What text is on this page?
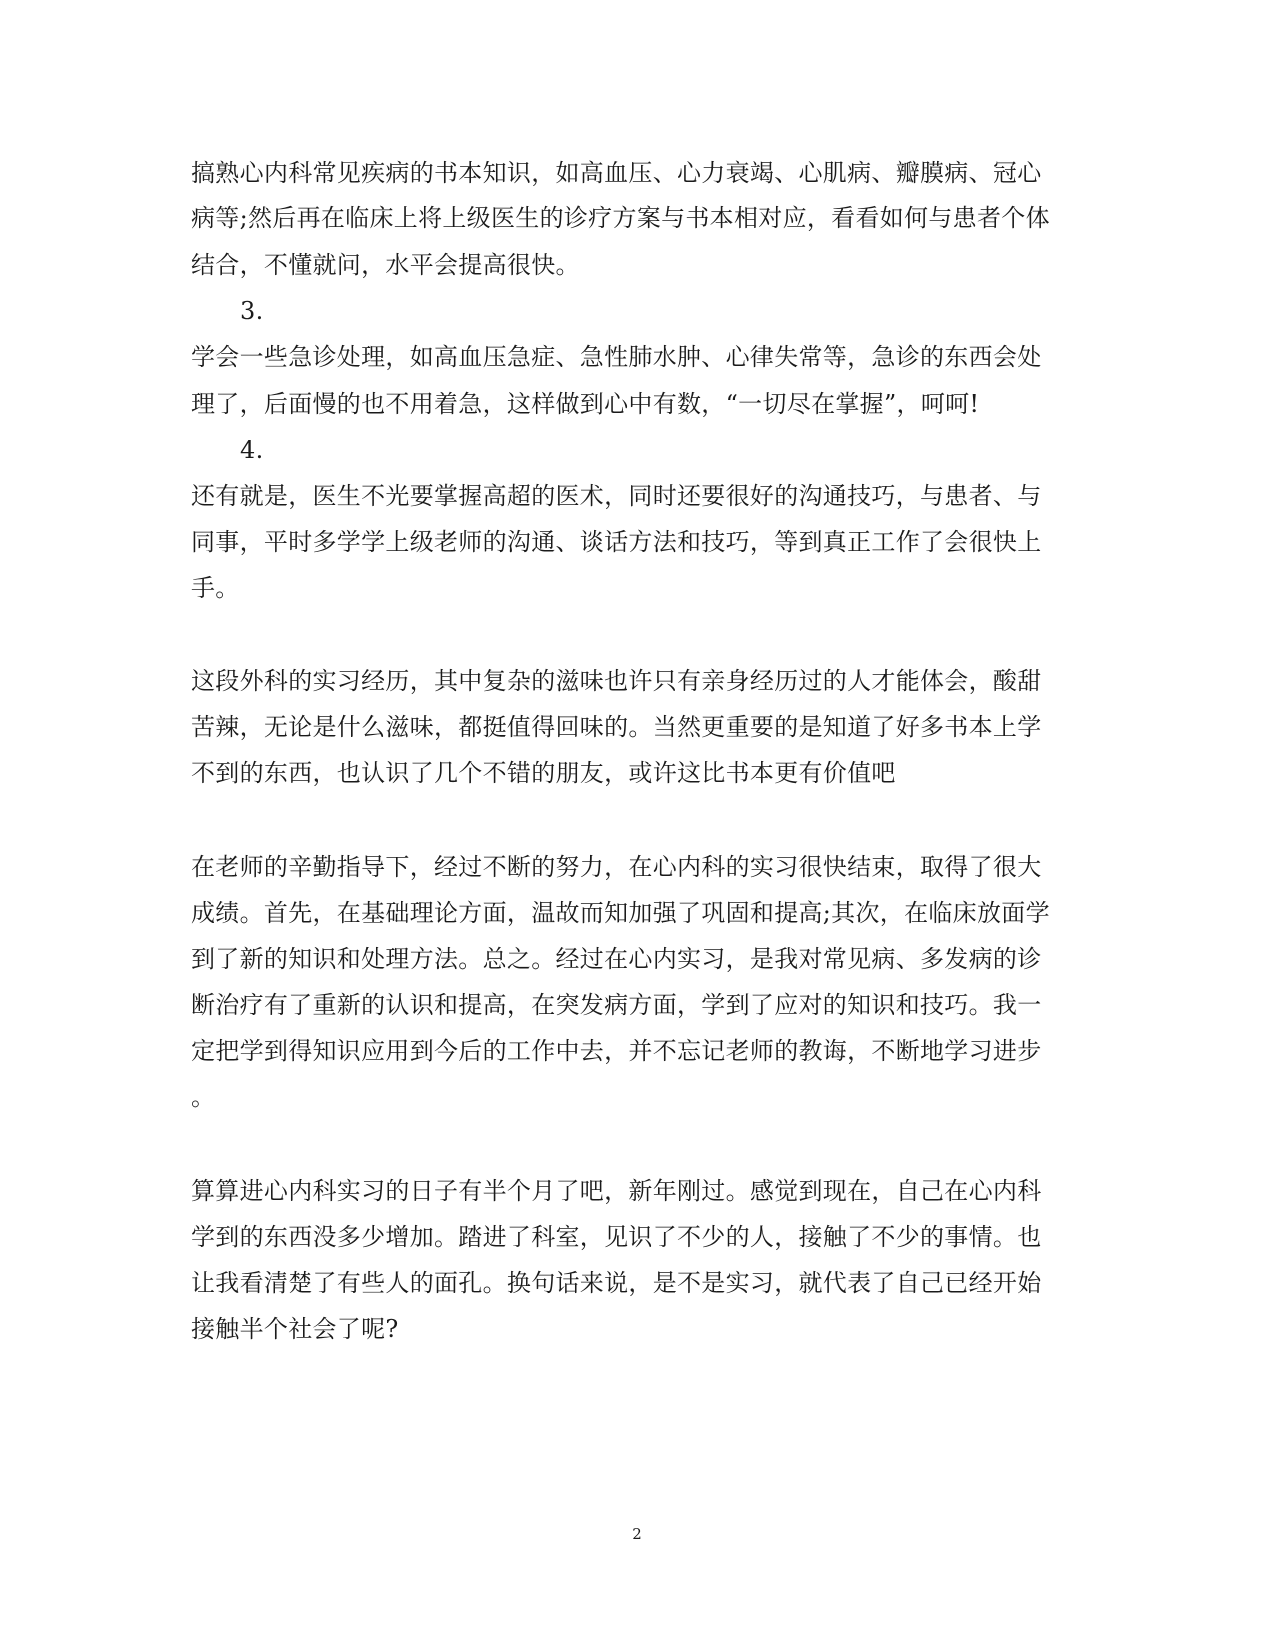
搞熟心内科常见疾病的书本知识，如高血压、心力衰竭、心肌病、瓣膜病、冠心
病等;然后再在临床上将上级医生的诊疗方案与书本相对应，看看如何与患者个体
结合，不懂就问，水平会提高很快。
3.
学会一些急诊处理，如高血压急症、急性肺水肿、心律失常等，急诊的东西会处
理了，后面慢的也不用着急，这样做到心中有数，“一切尽在掌握”，呵呵!
4.
还有就是，医生不光要掌握高超的医术，同时还要很好的沟通技巧，与患者、与
同事，平时多学学上级老师的沟通、谈话方法和技巧，等到真正工作了会很快上
手。
这段外科的实习经历，其中复杂的滋味也许只有亲身经历过的人才能体会，酸甜
苦辣，无论是什么滋味，都挺值得回味的。当然更重要的是知道了好多书本上学
不到的东西，也认识了几个不错的朋友，或许这比书本更有价值吧
在老师的辛勤指导下，经过不断的努力，在心内科的实习很快结束，取得了很大
成绩。首先，在基础理论方面，温故而知加强了巩固和提高;其次，在临床放面学
到了新的知识和处理方法。总之。经过在心内实习，是我对常见病、多发病的诊
断治疗有了重新的认识和提高，在突发病方面，学到了应对的知识和技巧。我一
定把学到得知识应用到今后的工作中去，并不忘记老师的教诲，不断地学习进步
。
算算进心内科实习的日子有半个月了吧，新年刚过。感觉到现在，自己在心内科
学到的东西没多少增加。踏进了科室，见识了不少的人，接触了不少的事情。也
让我看清楚了有些人的面孔。换句话来说，是不是实习，就代表了自己已经开始
接触半个社会了呢?
2
